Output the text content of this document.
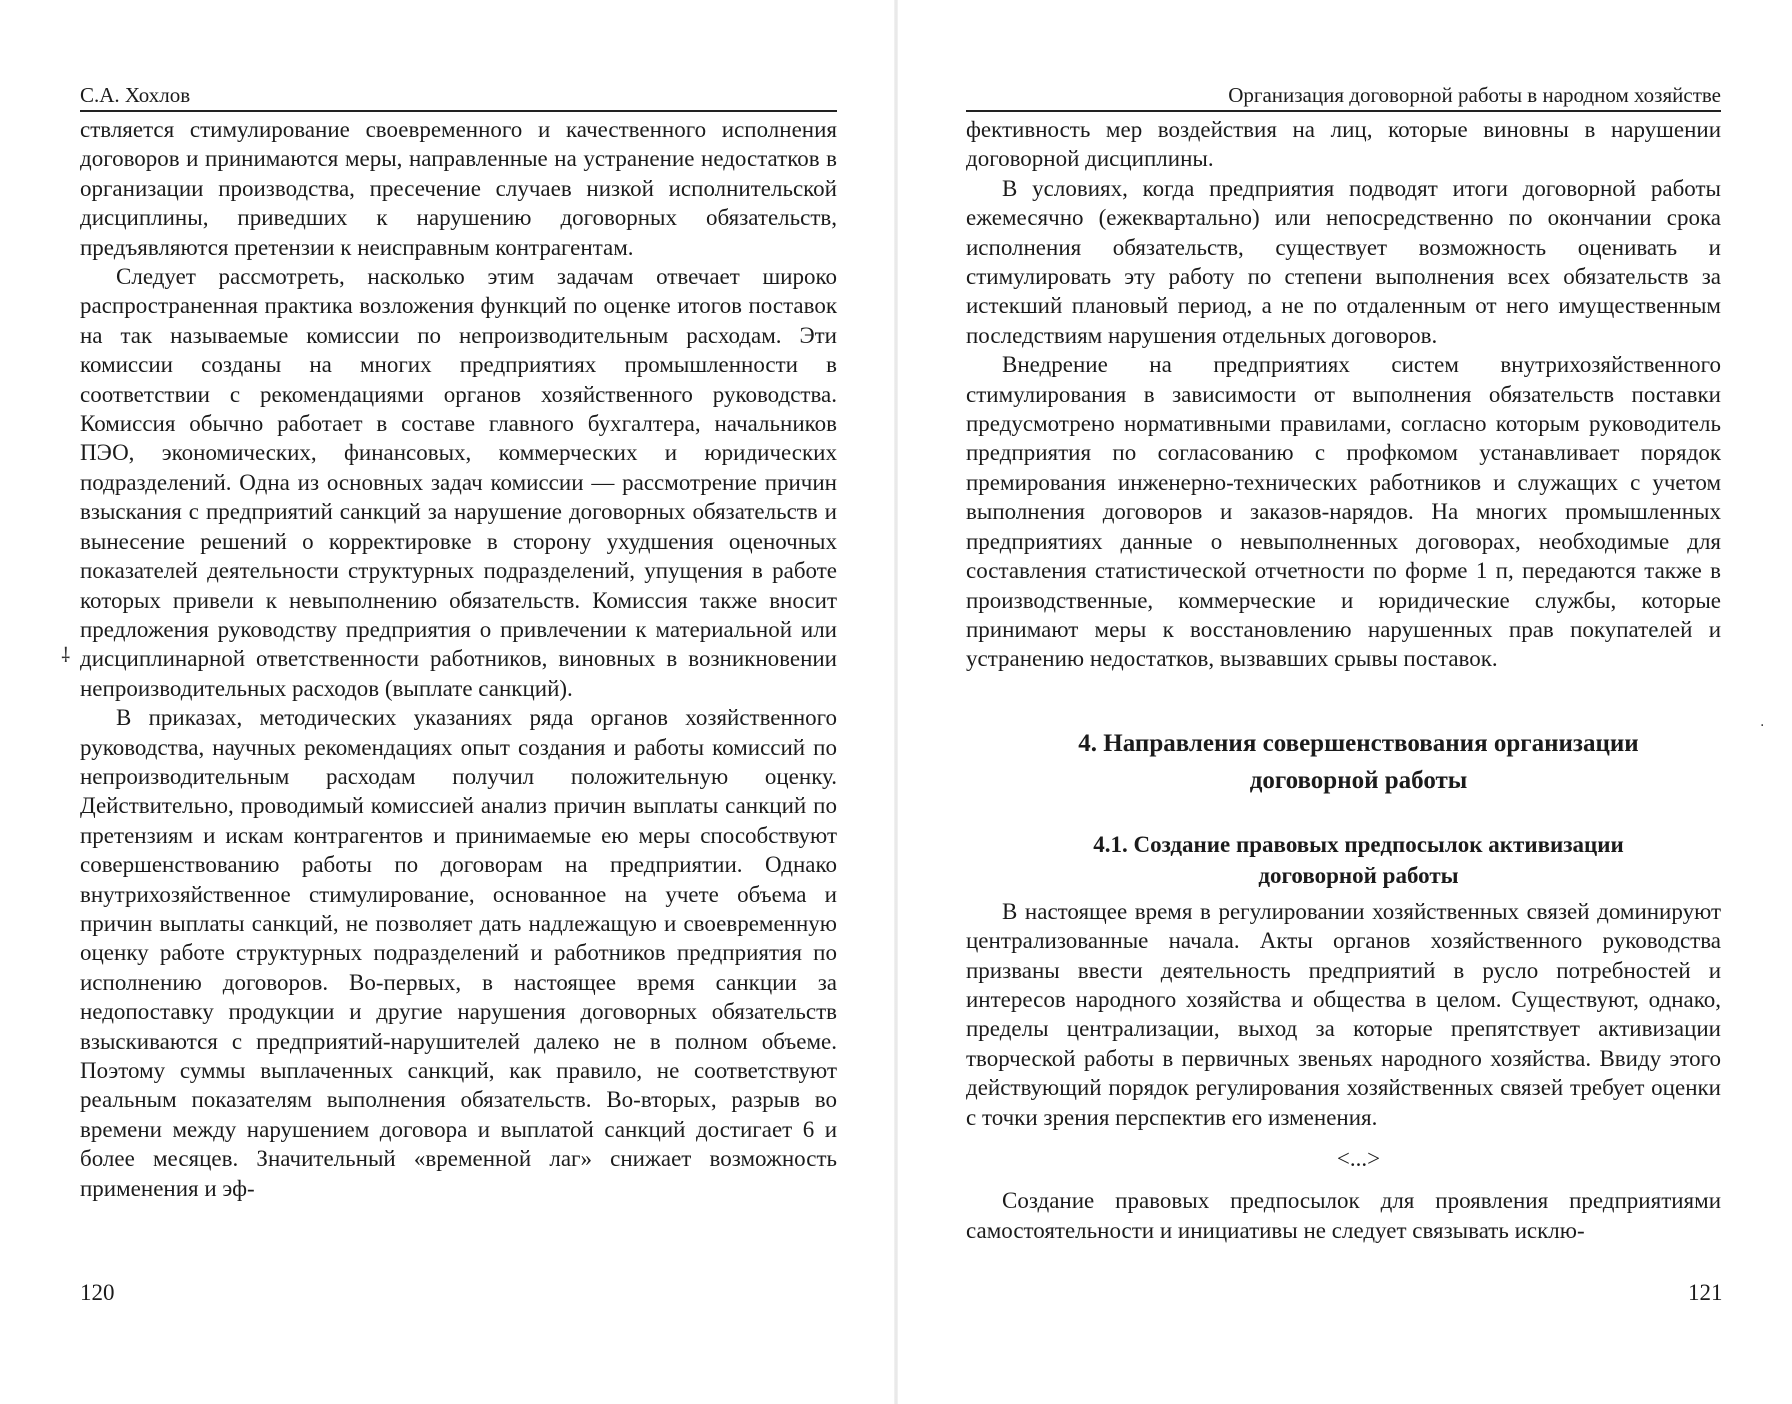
С.А. Хохлов

ствляется стимулирование своевременного и качественного исполнения договоров и принимаются меры, направленные на устранение недостатков в организации производства, пресечение случаев низкой исполнительской дисциплины, приведших к нарушению договорных обязательств, предъявляются претензии к неисправным контрагентам.

Следует рассмотреть, насколько этим задачам отвечает широко распространенная практика возложения функций по оценке итогов поставок на так называемые комиссии по непроизводительным расходам. Эти комиссии созданы на многих предприятиях промышленности в соответствии с рекомендациями органов хозяйственного руководства. Комиссия обычно работает в составе главного бухгалтера, начальников ПЭО, экономических, финансовых, коммерческих и юридических подразделений. Одна из основных задач комиссии — рассмотрение причин взыскания с предприятий санкций за нарушение договорных обязательств и вынесение решений о корректировке в сторону ухудшения оценочных показателей деятельности структурных подразделений, упущения в работе которых привели к невыполнению обязательств. Комиссия также вносит предложения руководству предприятия о привлечении к материальной или дисциплинарной ответственности работников, виновных в возникновении непроизводительных расходов (выплате санкций).

В приказах, методических указаниях ряда органов хозяйственного руководства, научных рекомендациях опыт создания и работы комиссий по непроизводительным расходам получил положительную оценку. Действительно, проводимый комиссией анализ причин выплаты санкций по претензиям и искам контрагентов и принимаемые ею меры способствуют совершенствованию работы по договорам на предприятии. Однако внутрихозяйственное стимулирование, основанное на учете объема и причин выплаты санкций, не позволяет дать надлежащую и своевременную оценку работе структурных подразделений и работников предприятия по исполнению договоров. Во-первых, в настоящее время санкции за недопоставку продукции и другие нарушения договорных обязательств взыскиваются с предприятий-нарушителей далеко не в полном объеме. Поэтому суммы выплаченных санкций, как правило, не соответствуют реальным показателям выполнения обязательств. Во-вторых, разрыв во времени между нарушением договора и выплатой санкций достигает 6 и более месяцев. Значительный «временной лаг» снижает возможность применения и эф-

120
Организация договорной работы в народном хозяйстве

фективность мер воздействия на лиц, которые виновны в нарушении договорной дисциплины.

В условиях, когда предприятия подводят итоги договорной работы ежемесячно (ежеквартально) или непосредственно по окончании срока исполнения обязательств, существует возможность оценивать и стимулировать эту работу по степени выполнения всех обязательств за истекший плановый период, а не по отдаленным от него имущественным последствиям нарушения отдельных договоров.

Внедрение на предприятиях систем внутрихозяйственного стимулирования в зависимости от выполнения обязательств поставки предусмотрено нормативными правилами, согласно которым руководитель предприятия по согласованию с профкомом устанавливает порядок премирования инженерно-технических работников и служащих с учетом выполнения договоров и заказов-нарядов. На многих промышленных предприятиях данные о невыполненных договорах, необходимые для составления статистической отчетности по форме 1 п, передаются также в производственные, коммерческие и юридические службы, которые принимают меры к восстановлению нарушенных прав покупателей и устранению недостатков, вызвавших срывы поставок.

4. Направления совершенствования организации
договорной работы
4.1. Создание правовых предпосылок активизации
договорной работы

В настоящее время в регулировании хозяйственных связей доминируют централизованные начала. Акты органов хозяйственного руководства призваны ввести деятельность предприятий в русло потребностей и интересов народного хозяйства и общества в целом. Существуют, однако, пределы централизации, выход за которые препятствует активизации творческой работы в первичных звеньях народного хозяйства. Ввиду этого действующий порядок регулирования хозяйственных связей требует оценки с точки зрения перспектив его изменения.

<...>

Создание правовых предпосылок для проявления предприятиями самостоятельности и инициативы не следует связывать исклю-

121
⸸
·
